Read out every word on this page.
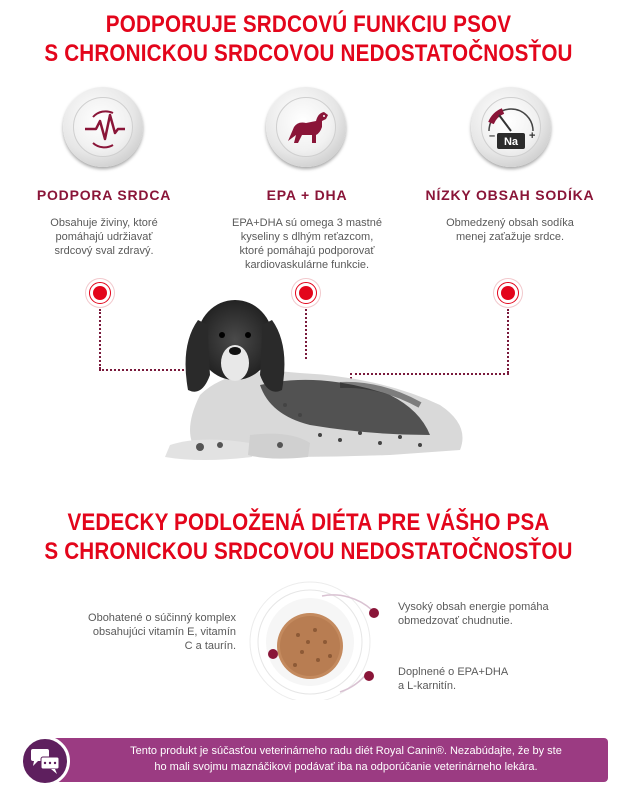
PODPORUJE SRDCOVÚ FUNKCIU PSOV
S CHRONICKOU SRDCOVOU NEDOSTATOČNOSŤOU
PODPORA SRDCA
Obsahuje živiny, ktoré
pomáhajú udržiavať
srdcový sval zdravý.
EPA + DHA
EPA+DHA sú omega 3 mastné
kyseliny s dlhým reťazcom,
ktoré pomáhajú podporovať
kardiovaskulárne funkcie.
Na
–	+
NÍZKY OBSAH SODÍKA
Obmedzený obsah sodíka
menej zaťažuje srdce.
VEDECKY PODLOŽENÁ DIÉTA PRE VÁŠHO PSA
S CHRONICKOU SRDCOVOU NEDOSTATOČNOSŤOU
Obohatené o súčinný komplex
obsahujúci vitamín E, vitamín
C a taurín.
Vysoký obsah energie pomáha
obmedzovať chudnutie.
Doplnené o EPA+DHA
a L-karnitín.
Tento produkt je súčasťou veterinárneho radu diét Royal Canin®. Nezabúdajte, že by ste
ho mali svojmu maznáčikovi podávať iba na odporúčanie veterinárneho lekára.
